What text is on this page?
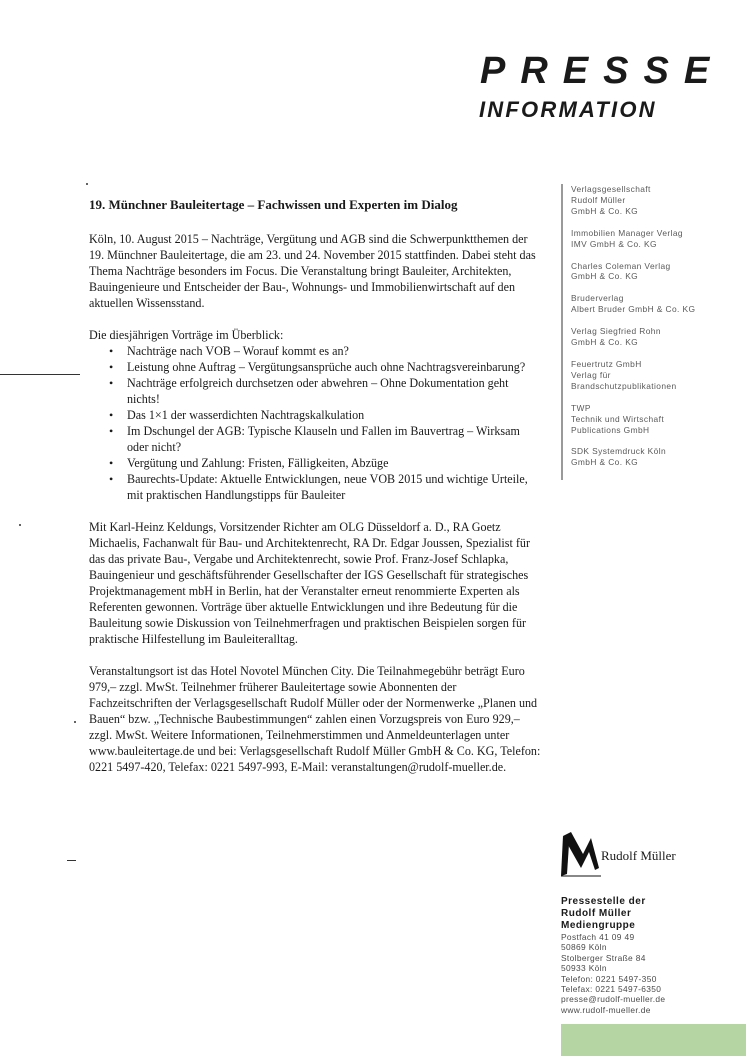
PRESSE
INFORMATION
19. Münchner Bauleitertage – Fachwissen und Experten im Dialog

Köln, 10. August 2015 – Nachträge, Vergütung und AGB sind die Schwerpunktthemen der 19. Münchner Bauleitertage, die am 23. und 24. November 2015 stattfinden. Dabei steht das Thema Nachträge besonders im Focus. Die Veranstaltung bringt Bauleiter, Architekten, Bauingenieure und Entscheider der Bau-, Wohnungs- und Immobilienwirtschaft auf den aktuellen Wissensstand.

Die diesjährigen Vorträge im Überblick:

• Nachträge nach VOB – Worauf kommt es an?
• Leistung ohne Auftrag – Vergütungsansprüche auch ohne Nachtragsvereinbarung?
• Nachträge erfolgreich durchsetzen oder abwehren – Ohne Dokumentation geht nichts!
• Das 1×1 der wasserdichten Nachtragskalkulation
• Im Dschungel der AGB: Typische Klauseln und Fallen im Bauvertrag – Wirksam oder nicht?
• Vergütung und Zahlung: Fristen, Fälligkeiten, Abzüge
• Baurechts-Update: Aktuelle Entwicklungen, neue VOB 2015 und wichtige Urteile, mit praktischen Handlungstipps für Bauleiter

Mit Karl-Heinz Keldungs, Vorsitzender Richter am OLG Düsseldorf a. D., RA Goetz Michaelis, Fachanwalt für Bau- und Architektenrecht, RA Dr. Edgar Joussen, Spezialist für das das private Bau-, Vergabe und Architektenrecht, sowie Prof. Franz-Josef Schlapka, Bauingenieur und geschäftsführender Gesellschafter der IGS Gesellschaft für strategisches Projektmanagement mbH in Berlin, hat der Veranstalter erneut renommierte Experten als Referenten gewonnen. Vorträge über aktuelle Entwicklungen und ihre Bedeutung für die Bauleitung sowie Diskussion von Teilnehmerfragen und praktischen Beispielen sorgen für praktische Hilfestellung im Bauleiteralltag.

Veranstaltungsort ist das Hotel Novotel München City. Die Teilnahmegebühr beträgt Euro 979,– zzgl. MwSt. Teilnehmer früherer Bauleitertage sowie Abonnenten der Fachzeitschriften der Verlagsgesellschaft Rudolf Müller oder der Normenwerke „Planen und Bauen“ bzw. „Technische Baubestimmungen“ zahlen einen Vorzugspreis von Euro 929,– zzgl. MwSt. Weitere Informationen, Teilnehmerstimmen und Anmeldeunterlagen unter www.bauleitertage.de und bei: Verlagsgesellschaft Rudolf Müller GmbH & Co. KG, Telefon: 0221 5497-420, Telefax: 0221 5497-993, E-Mail: veranstaltungen@rudolf-mueller.de.

Verlagsgesellschaft
Rudolf Müller
GmbH & Co. KG
Immobilien Manager Verlag
IMV GmbH & Co. KG
Charles Coleman Verlag
GmbH & Co. KG
Bruderverlag
Albert Bruder GmbH & Co. KG
Verlag Siegfried Rohn
GmbH & Co. KG
Feuertrutz GmbH
Verlag für
Brandschutzpublikationen
TWP
Technik und Wirtschaft
Publications GmbH
SDK Systemdruck Köln
GmbH & Co. KG
Rudolf Müller
Pressestelle der
Rudolf Müller
Mediengruppe
Postfach 41 09 49
50869 Köln
Stolberger Straße 84
50933 Köln
Telefon: 0221 5497-350
Telefax: 0221 5497-6350
presse@rudolf-mueller.de
www.rudolf-mueller.de
